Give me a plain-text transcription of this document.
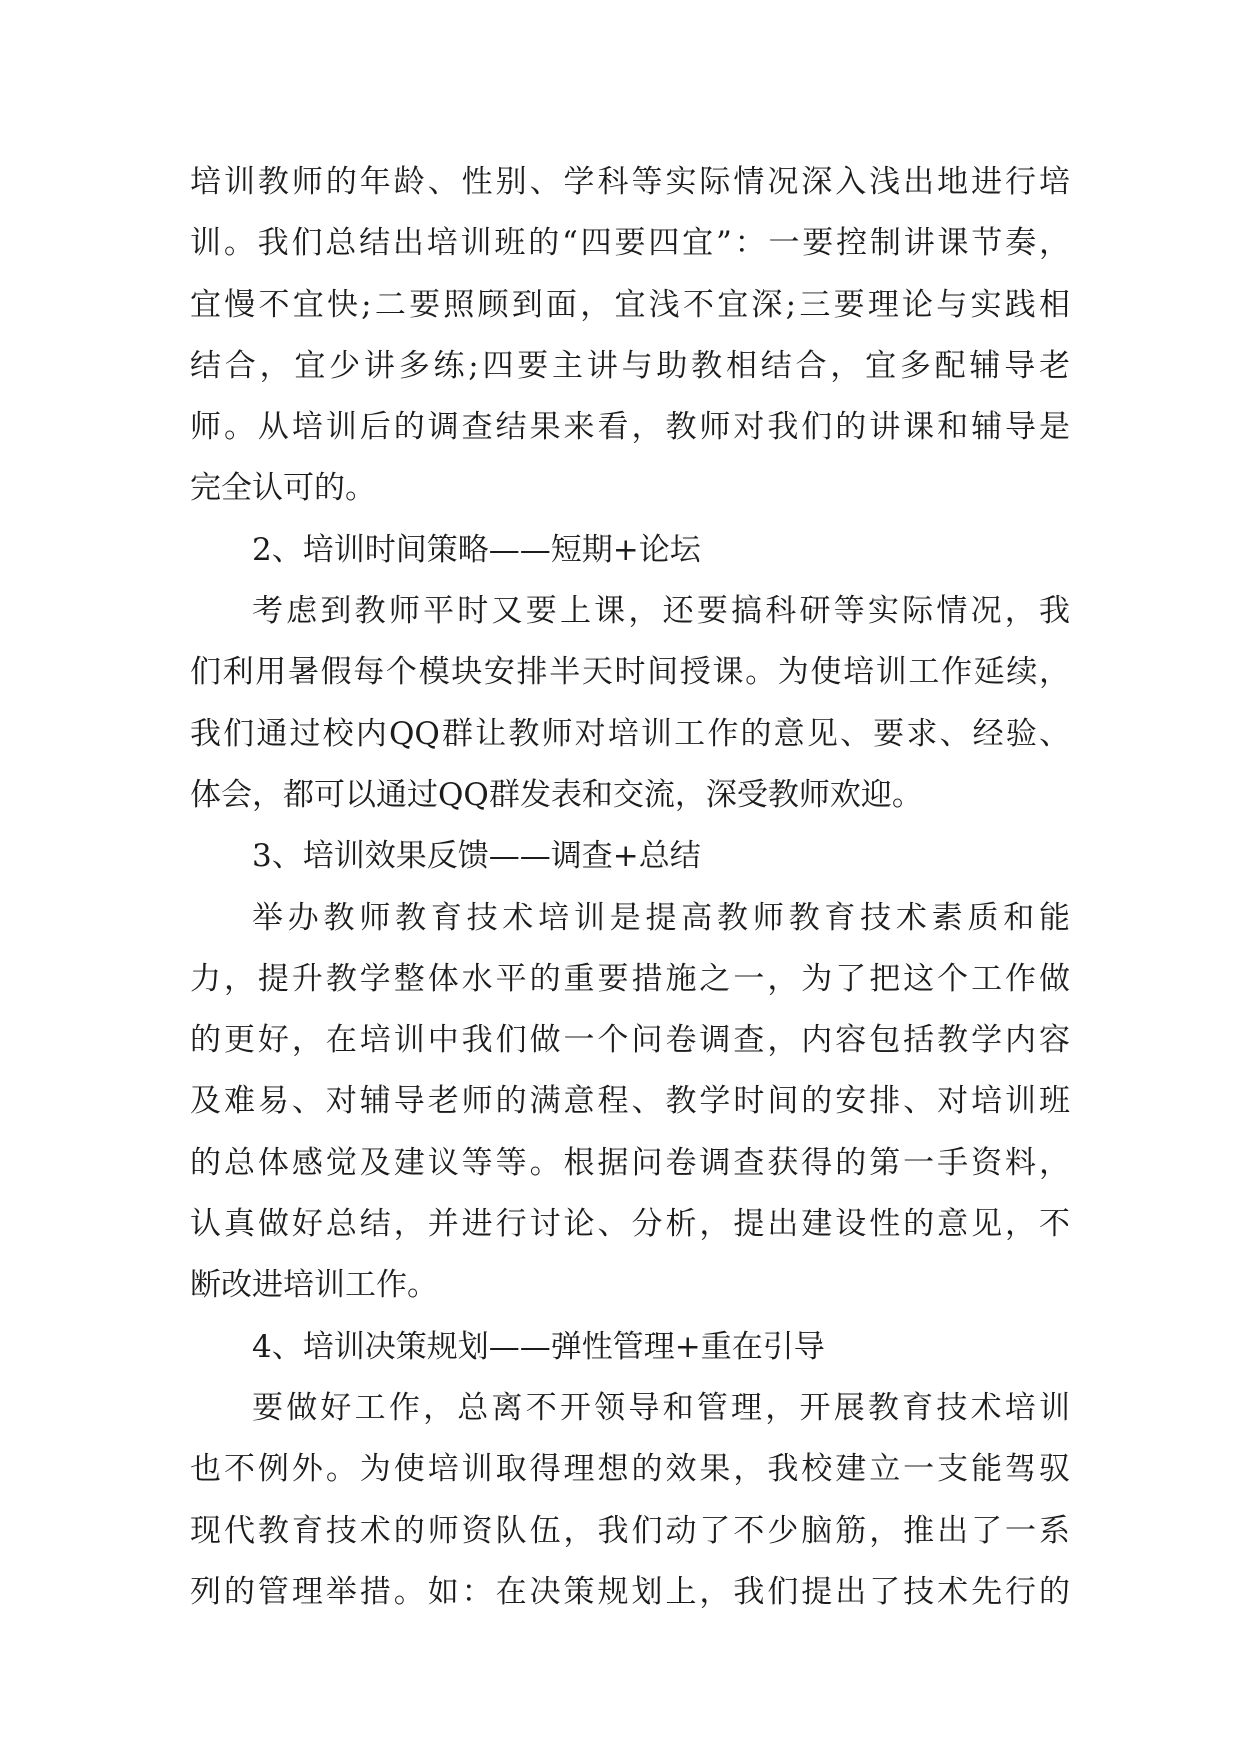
培训教师的年龄、性别、学科等实际情况深入浅出地进行培
训。我们总结出培训班的“四要四宜”：一要控制讲课节奏，
宜慢不宜快;二要照顾到面，宜浅不宜深;三要理论与实践相
结合，宜少讲多练;四要主讲与助教相结合，宜多配辅导老
师。从培训后的调查结果来看，教师对我们的讲课和辅导是
完全认可的。
2、培训时间策略——短期+论坛
考虑到教师平时又要上课，还要搞科研等实际情况，我
们利用暑假每个模块安排半天时间授课。为使培训工作延续，
我们通过校内QQ群让教师对培训工作的意见、要求、经验、
体会，都可以通过QQ群发表和交流，深受教师欢迎。
3、培训效果反馈——调查+总结
举办教师教育技术培训是提高教师教育技术素质和能
力，提升教学整体水平的重要措施之一，为了把这个工作做
的更好，在培训中我们做一个问卷调查，内容包括教学内容
及难易、对辅导老师的满意程、教学时间的安排、对培训班
的总体感觉及建议等等。根据问卷调查获得的第一手资料，
认真做好总结，并进行讨论、分析，提出建设性的意见，不
断改进培训工作。
4、培训决策规划——弹性管理+重在引导
要做好工作，总离不开领导和管理，开展教育技术培训
也不例外。为使培训取得理想的效果，我校建立一支能驾驭
现代教育技术的师资队伍，我们动了不少脑筋，推出了一系
列的管理举措。如：在决策规划上，我们提出了技术先行的
